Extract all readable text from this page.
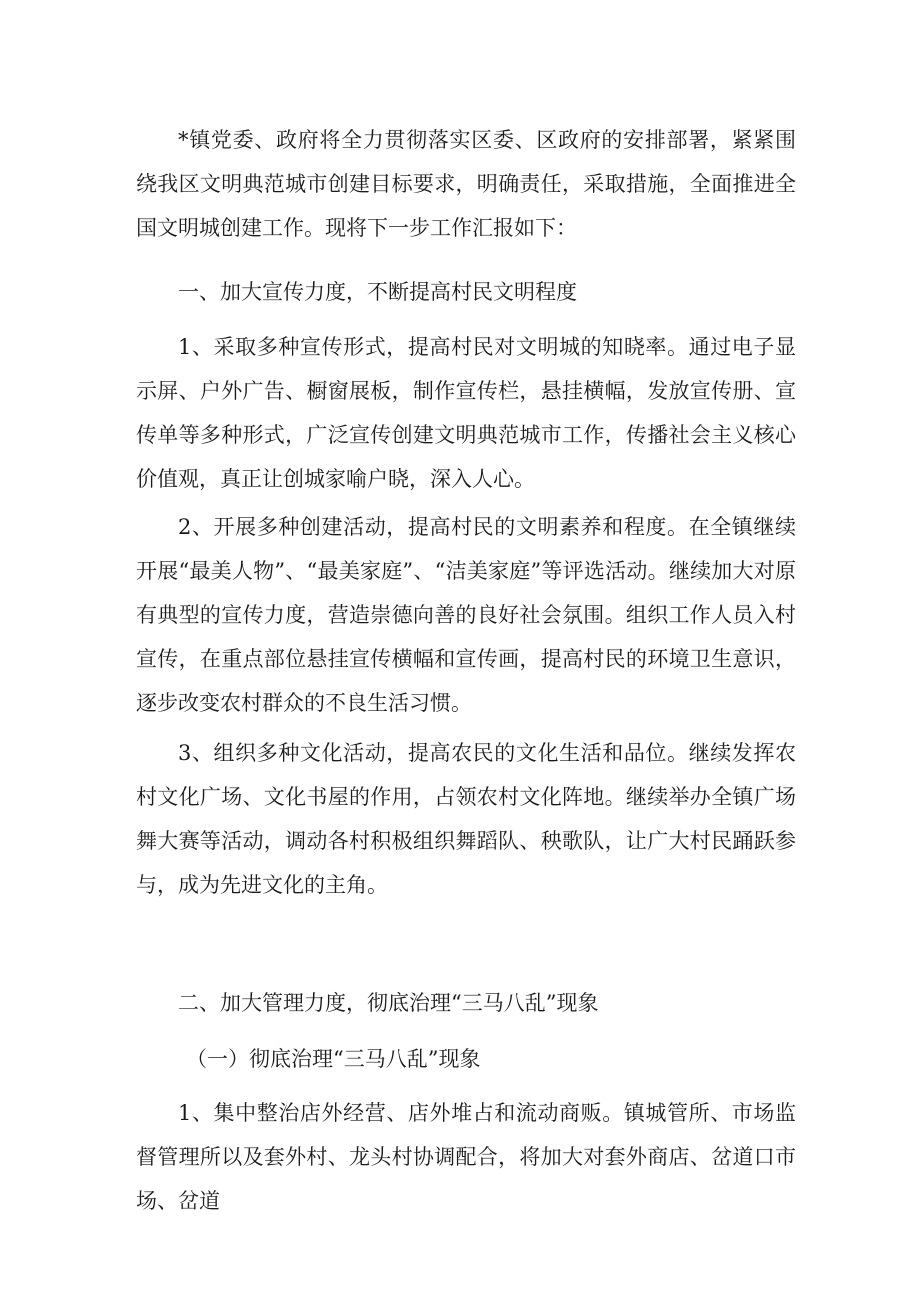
*镇党委、政府将全力贯彻落实区委、区政府的安排部署，紧紧围绕我区文明典范城市创建目标要求，明确责任，采取措施，全面推进全国文明城创建工作。现将下一步工作汇报如下：

一、加大宣传力度，不断提高村民文明程度

1、采取多种宣传形式，提高村民对文明城的知晓率。通过电子显示屏、户外广告、橱窗展板，制作宣传栏，悬挂横幅，发放宣传册、宣传单等多种形式，广泛宣传创建文明典范城市工作，传播社会主义核心价值观，真正让创城家喻户晓，深入人心。

2、开展多种创建活动，提高村民的文明素养和程度。在全镇继续开展“最美人物”、“最美家庭”、“洁美家庭”等评选活动。继续加大对原有典型的宣传力度，营造崇德向善的良好社会氛围。组织工作人员入村宣传，在重点部位悬挂宣传横幅和宣传画，提高村民的环境卫生意识，逐步改变农村群众的不良生活习惯。

3、组织多种文化活动，提高农民的文化生活和品位。继续发挥农村文化广场、文化书屋的作用，占领农村文化阵地。继续举办全镇广场舞大赛等活动，调动各村积极组织舞蹈队、秧歌队，让广大村民踊跃参与，成为先进文化的主角。

二、加大管理力度，彻底治理“三马八乱”现象

（一）彻底治理“三马八乱”现象

1、集中整治店外经营、店外堆占和流动商贩。镇城管所、市场监督管理所以及套外村、龙头村协调配合，将加大对套外商店、岔道口市场、岔道
